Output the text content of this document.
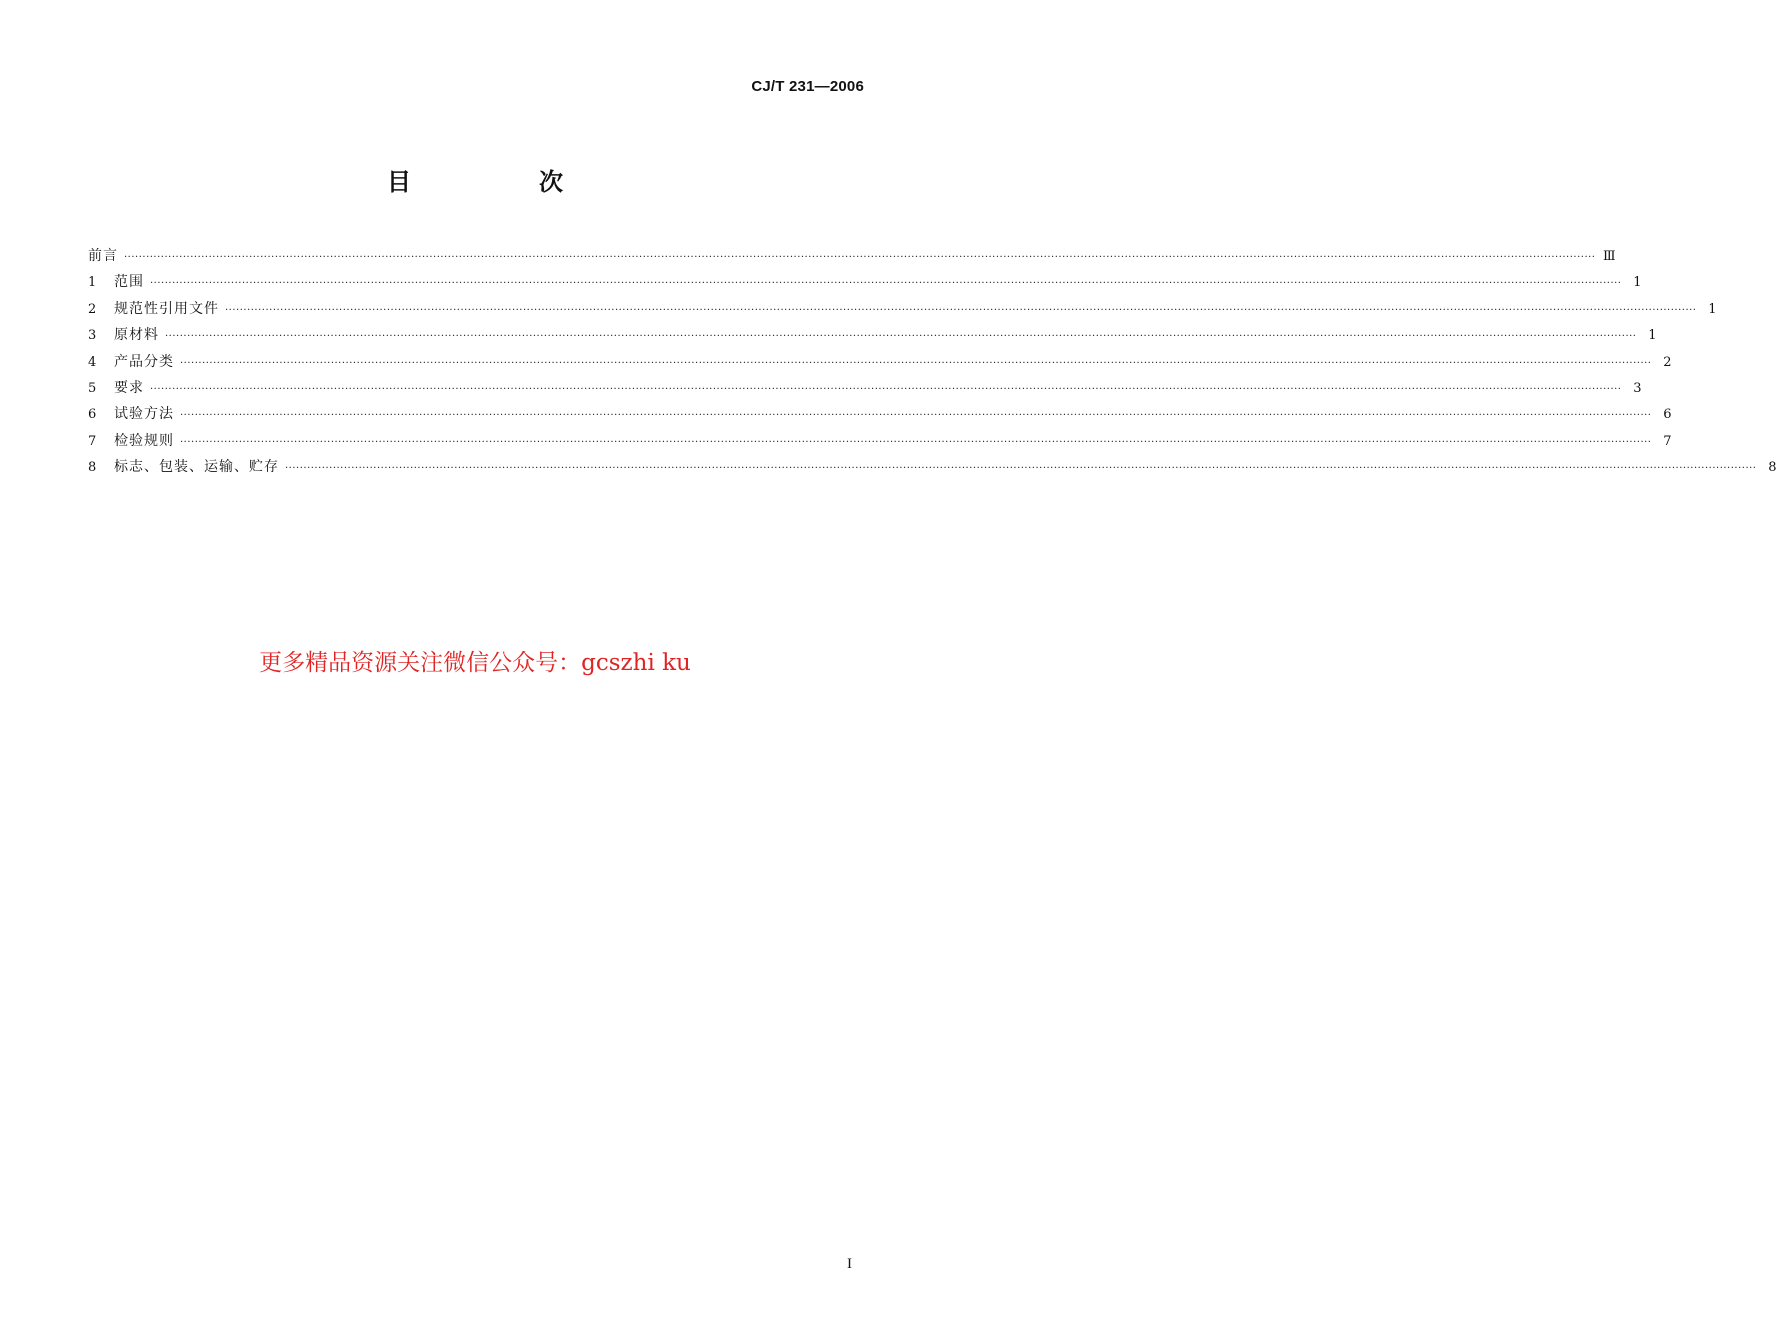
CJ/T 231—2006
目　次
前言 ················································································································································································································································································································································································································ Ⅲ
1	范围 ················································································································································································································································································································································································································ 1
2	规范性引用文件 ················································································································································································································································································································································································································ 1
3	原材料 ················································································································································································································································································································································································································ 1
4	产品分类 ················································································································································································································································································································································································································ 2
5	要求 ················································································································································································································································································································································································································ 3
6	试验方法 ················································································································································································································································································································································································································ 6
7	检验规则 ················································································································································································································································································································································································································ 7
8	标志、包装、运输、贮存 ················································································································································································································································································································································································································ 8
更多精品资源关注微信公众号：gcszhi ku
I
